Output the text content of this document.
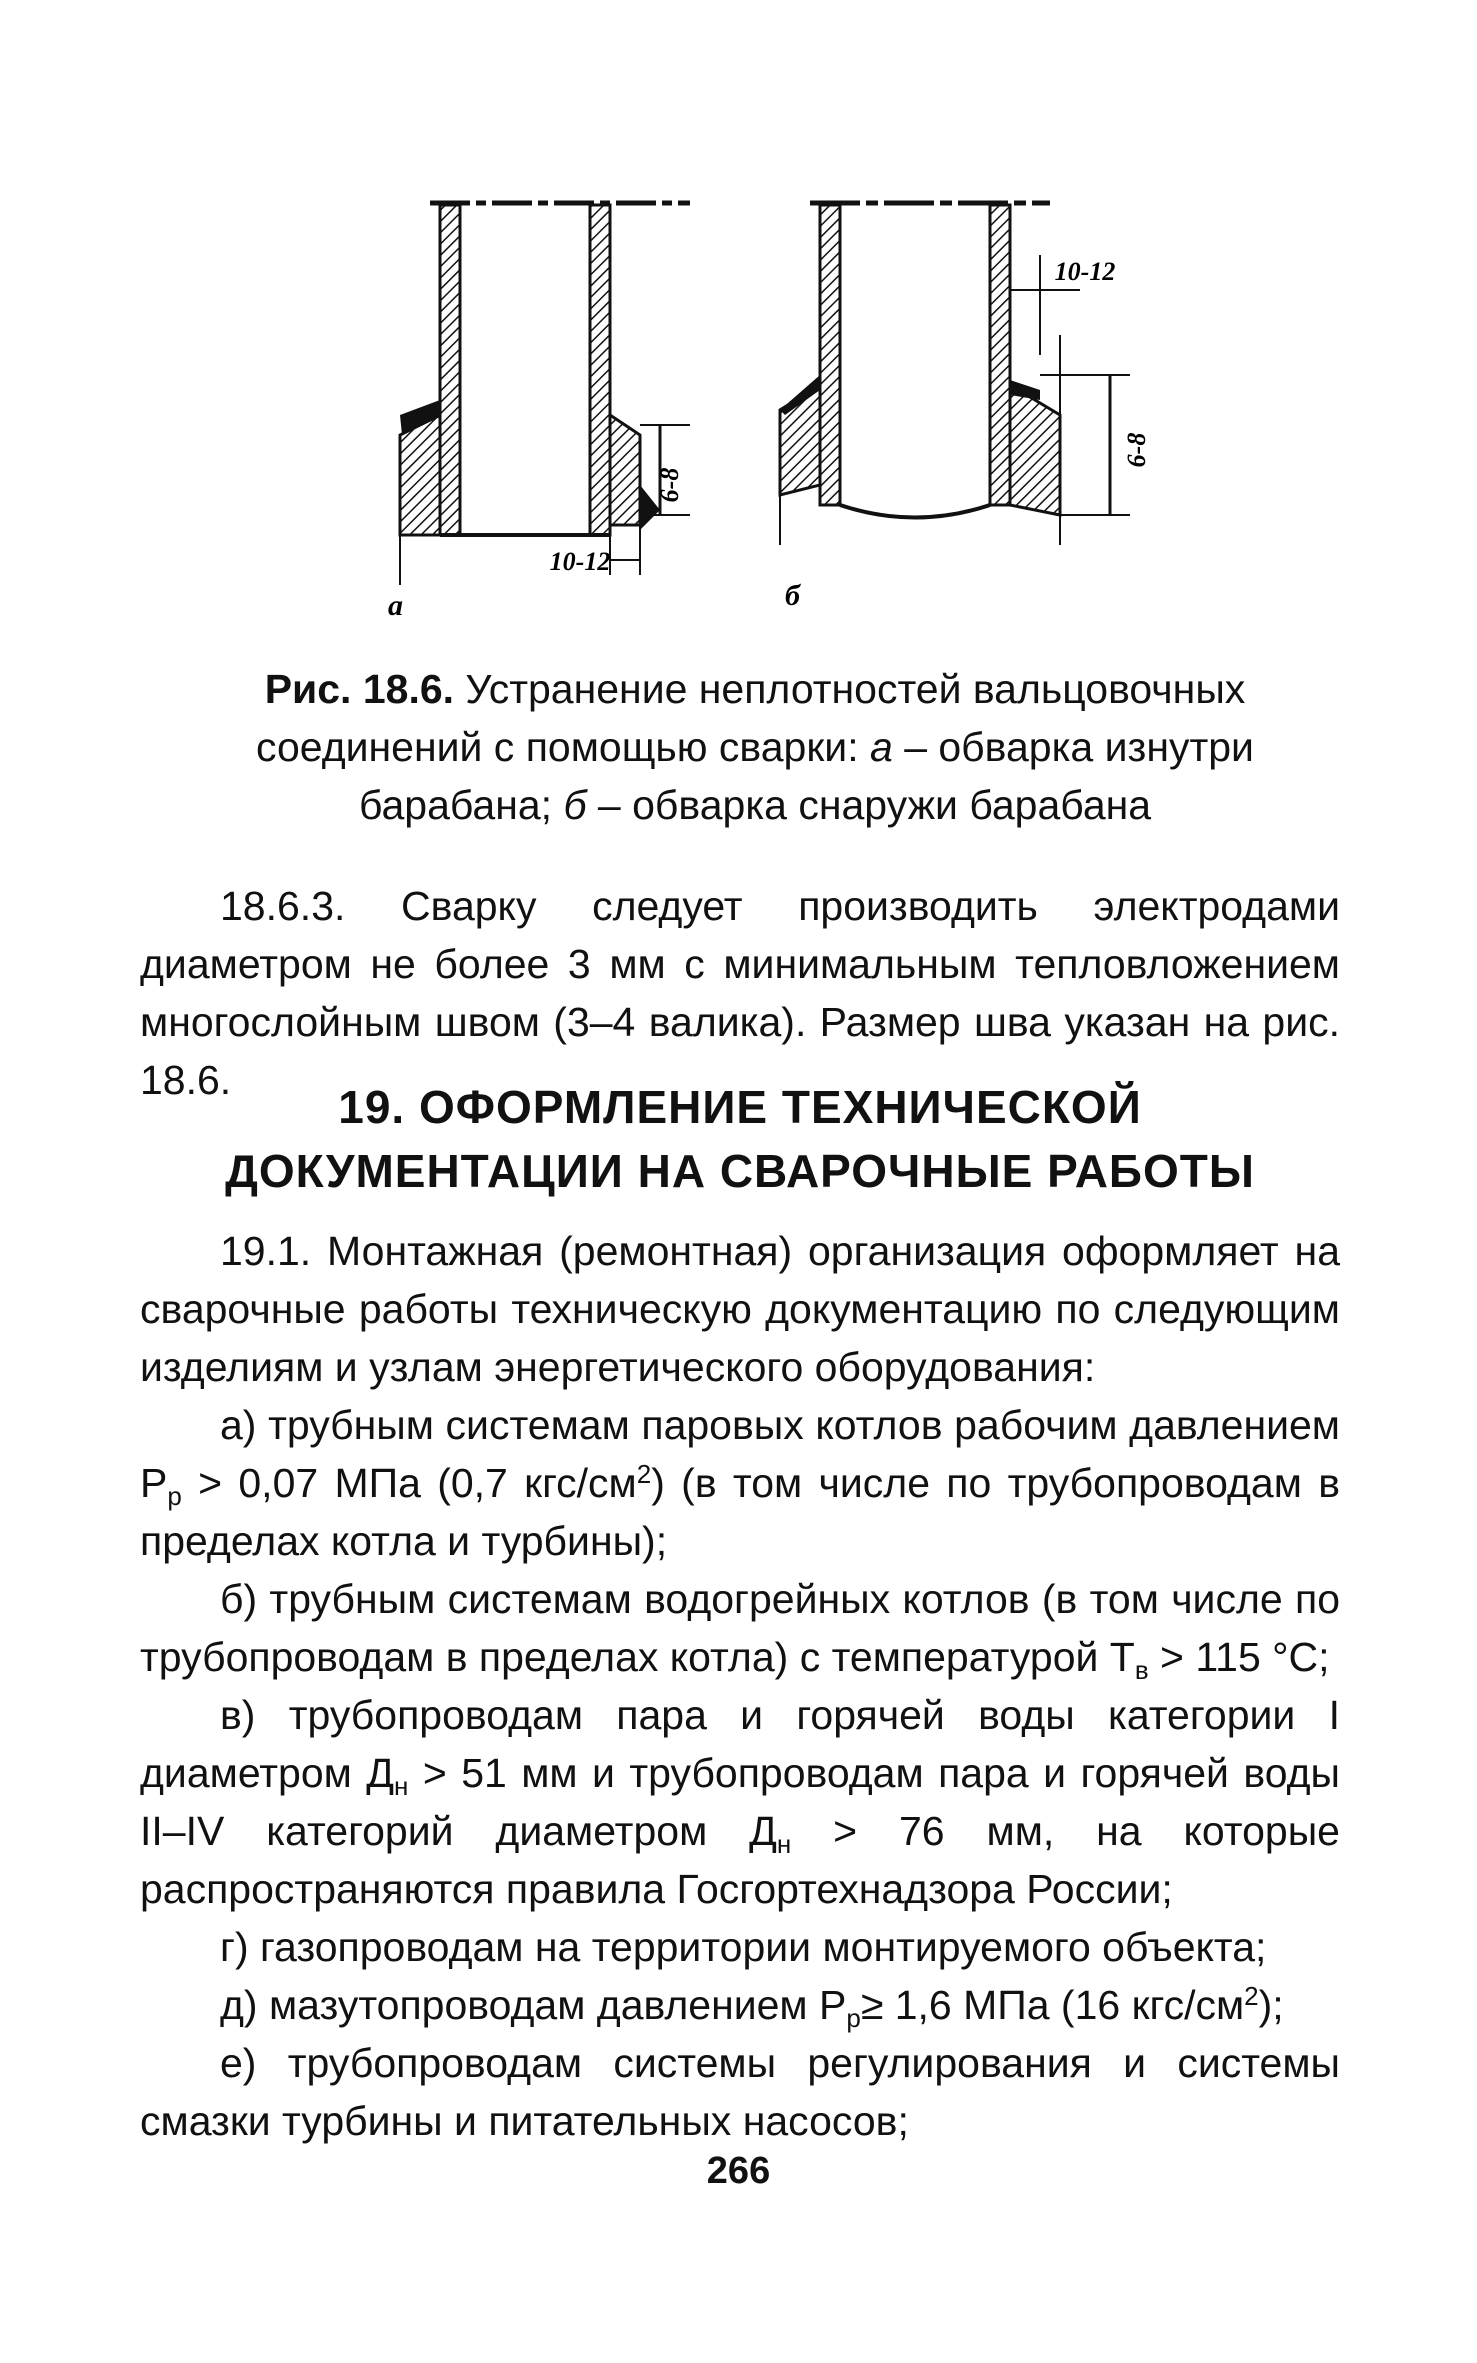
6-8
10-12
а
10-12
6-8
б
Рис. 18.6. Устранение неплотностей вальцовочных соединений с помощью сварки: а – обварка изнутри барабана; б – обварка снаружи барабана

18.6.3. Сварку следует производить электродами диаметром не более 3 мм с минимальным тепловложением многослойным швом (3–4 валика). Размер шва указан на рис. 18.6.

19. ОФОРМЛЕНИЕ ТЕХНИЧЕСКОЙ ДОКУМЕНТАЦИИ НА СВАРОЧНЫЕ РАБОТЫ

19.1. Монтажная (ремонтная) организация оформляет на сварочные работы техническую документацию по следующим изделиям и узлам энергетического оборудования:

а) трубным системам паровых котлов рабочим давлением $P_р > 0,07$ МПа (0,7 кгс/$см^2$) (в том числе по трубопроводам в пределах котла и турбины);

б) трубным системам водогрейных котлов (в том числе по трубопроводам в пределах котла) с температурой $Т_в > 115$ °С;

в) трубопроводам пара и горячей воды категории I диаметром $Д_н > 51$ мм и трубопроводам пара и горячей воды II–IV категорий диаметром $Д_н > 76$ мм, на которые распространяются правила Госгортехнадзора России;

г) газопроводам на территории монтируемого объекта;

д) мазутопроводам давлением $Р_р\ge 1,6$ МПа (16 кгс/$см^2$);

е) трубопроводам системы регулирования и системы смазки турбины и питательных насосов;

266
